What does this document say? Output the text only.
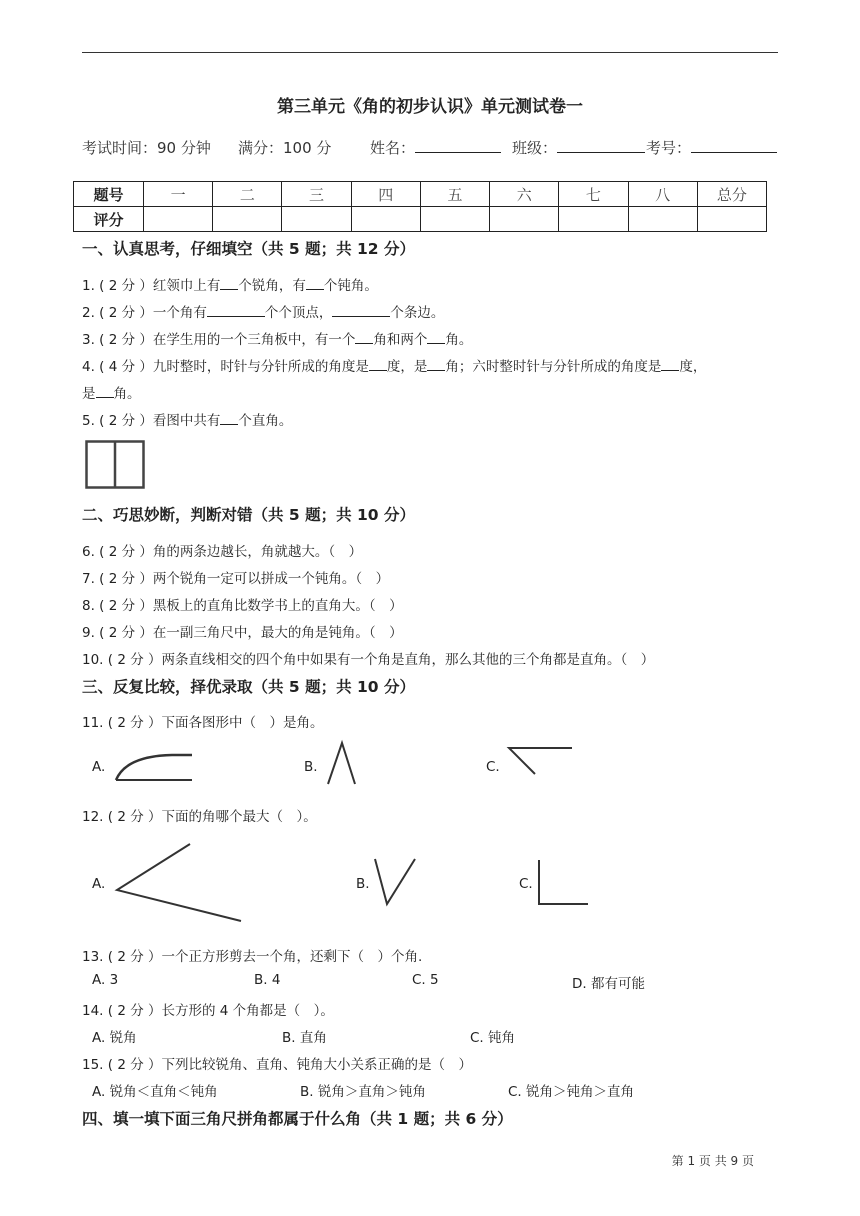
第三单元《角的初步认识》单元测试卷一
考试时间：90 分钟 满分：100 分	姓名：	班级：	考号：
题号	一	二	三	四	五	六	七	八	总分
评分									
一、认真思考，仔细填空（共 5 题；共 12 分）
1. ( 2 分 ）红领巾上有 个锐角，有 个钝角。
2. ( 2 分 ）一个角有	个个顶点，	个条边。
3. ( 2 分 ）在学生用的一个三角板中，有一个 角和两个 角。
4. ( 4 分 ）九时整时，时针与分针所成的角度是 度，是 角；六时整时针与分针所成的角度是 度，
是 角。
5. ( 2 分 ）看图中共有 个直角。
二、巧思妙断，判断对错（共 5 题；共 10 分）
6. ( 2 分 ）角的两条边越长，角就越大。（　）
7. ( 2 分 ）两个锐角一定可以拼成一个钝角。（　）
8. ( 2 分 ）黑板上的直角比数学书上的直角大。（　）
9. ( 2 分 ）在一副三角尺中，最大的角是钝角。（　）
10. ( 2 分 ）两条直线相交的四个角中如果有一个角是直角，那么其他的三个角都是直角。（　）
三、反复比较，择优录取（共 5 题；共 10 分）
11. ( 2 分 ）下面各图形中（　）是角。
A.	B.	C.
12. ( 2 分 ）下面的角哪个最大（　）。
A.	B.	C.
13. ( 2 分 ）一个正方形剪去一个角，还剩下（　）个角.
A. 3	B. 4	C. 5	D. 都有可能
14. ( 2 分 ）长方形的 4 个角都是（　）。
A. 锐角	B. 直角	C. 钝角
15. ( 2 分 ）下列比较锐角、直角、钝角大小关系正确的是（　）
A. 锐角＜直角＜钝角	B. 锐角＞直角＞钝角	C. 锐角＞钝角＞直角
四、填一填下面三角尺拼角都属于什么角（共 1 题；共 6 分）
第 1 页 共 9 页
